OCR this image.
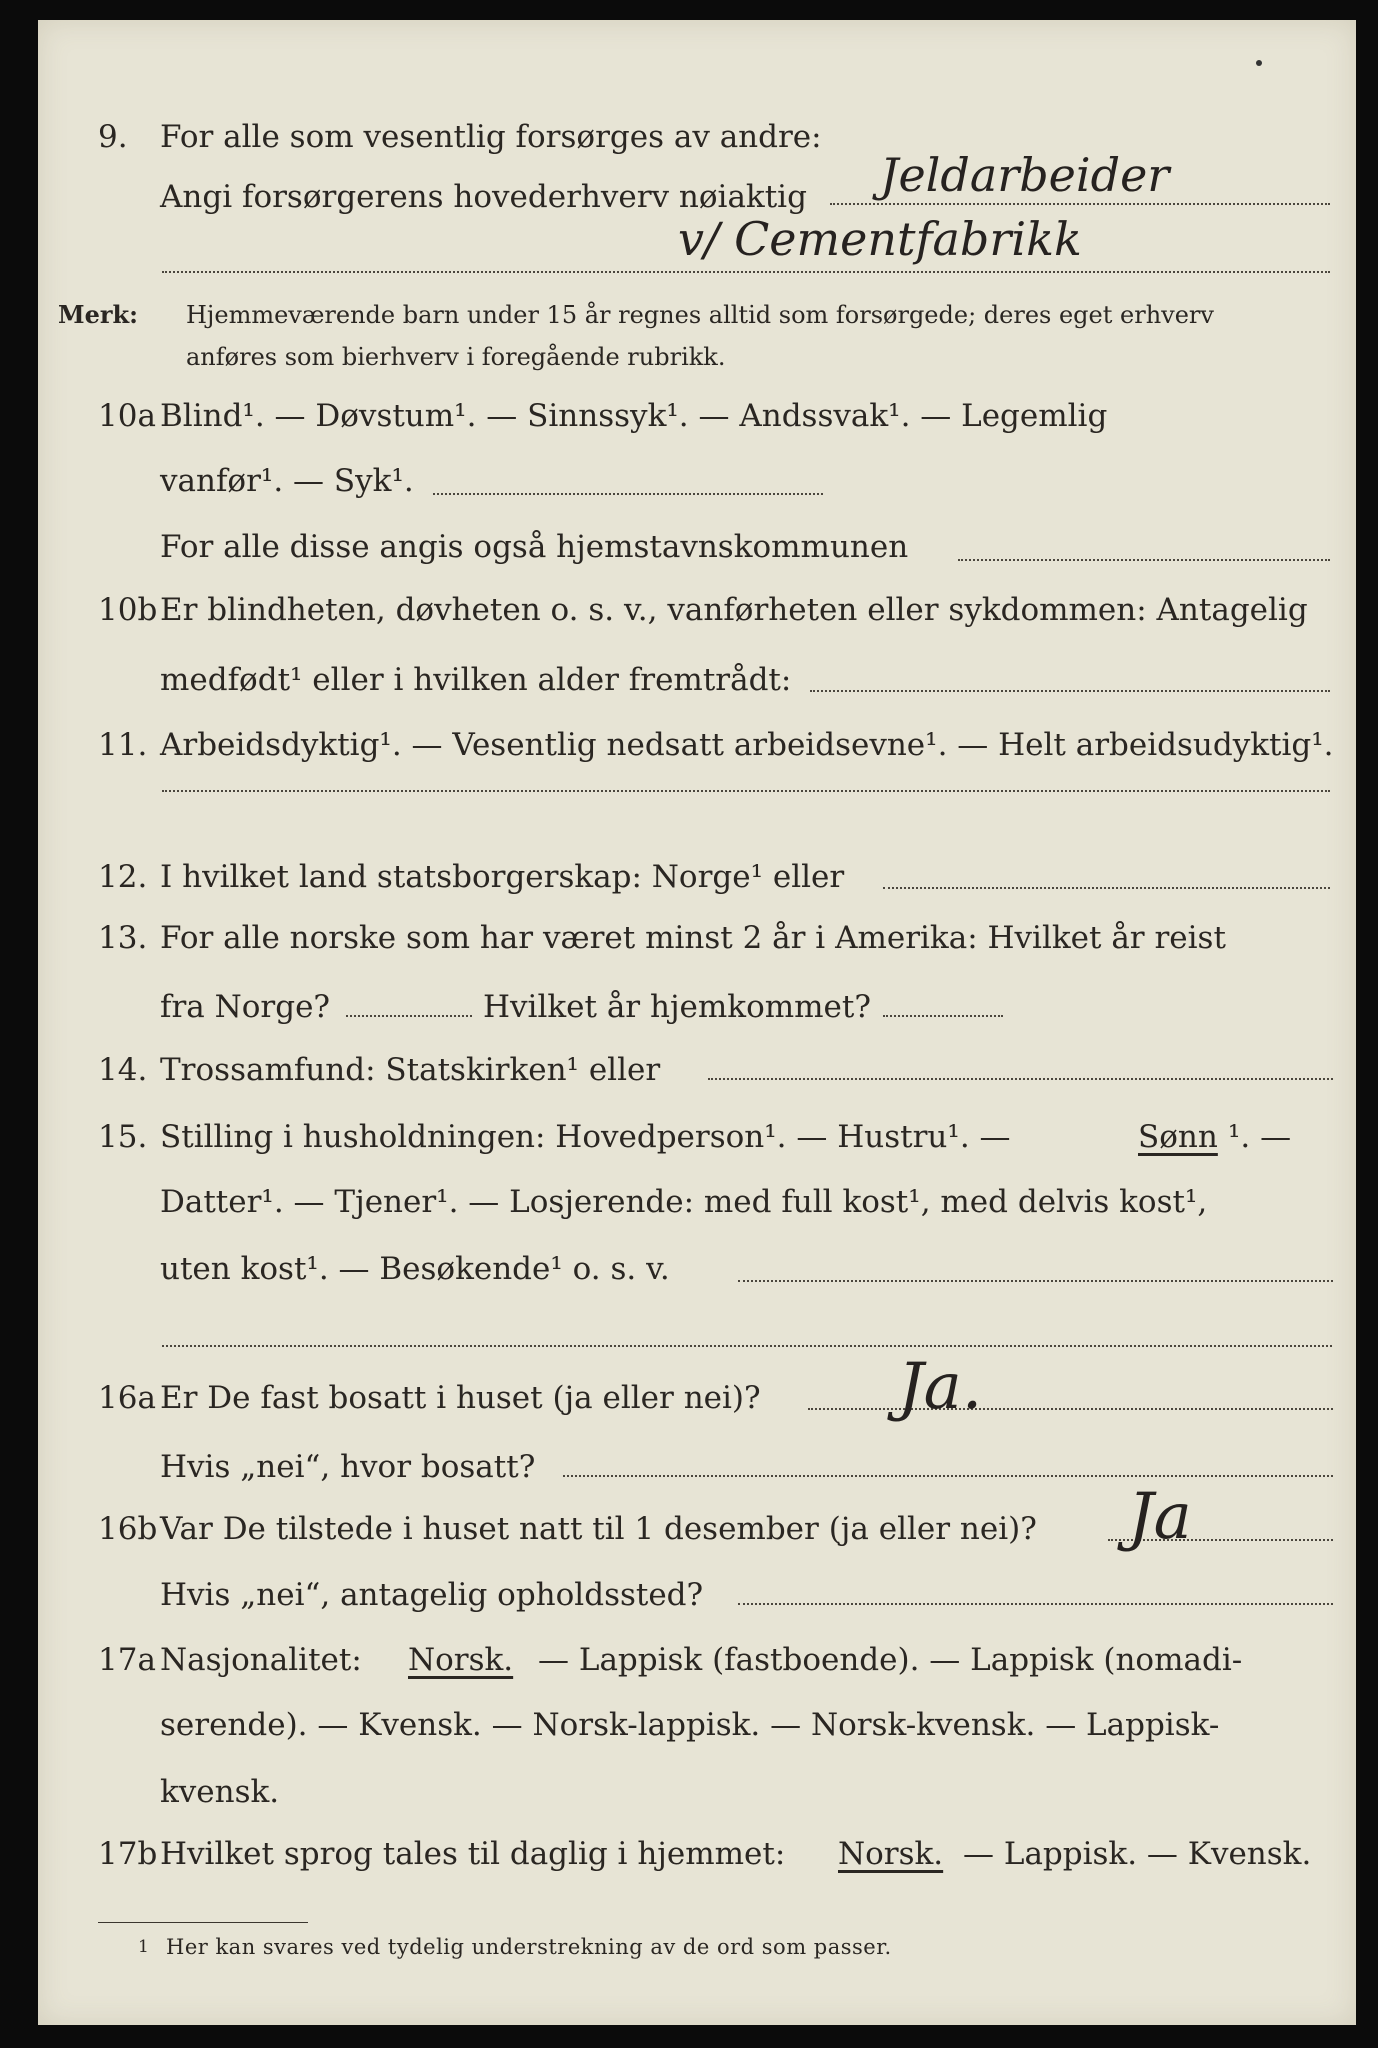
9. For alle som vesentlig forsørges av andre:
Angi forsørgerens hovederhverv nøiaktig Jeldarbeider
v/ Cementfabrikk
Merk: Hjemmeværende barn under 15 år regnes alltid som forsørgede; deres eget erhverv
anføres som bierhverv i foregående rubrikk.
10a Blind¹. — Døvstum¹. — Sinnssyk¹. — Andssvak¹. — Legemlig
vanfør¹. — Syk¹.
For alle disse angis også hjemstavnskommunen
10b Er blindheten, døvheten o. s. v., vanførheten eller sykdommen: Antagelig
medfødt¹ eller i hvilken alder fremtrådt:
11. Arbeidsdyktig¹. — Vesentlig nedsatt arbeidsevne¹. — Helt arbeidsudyktig¹.
12. I hvilket land statsborgerskap: Norge¹ eller
13. For alle norske som har været minst 2 år i Amerika: Hvilket år reist
fra Norge?	Hvilket år hjemkommet?
14. Trossamfund: Statskirken¹ eller
15. Stilling i husholdningen: Hovedperson¹. — Hustru¹. —	Sønn ¹. —
Datter¹. — Tjener¹. — Losjerende: med full kost¹, med delvis kost¹,
uten kost¹. — Besøkende¹ o. s. v.
16a Er De fast bosatt i huset (ja eller nei)? Ja.
Hvis „nei“, hvor bosatt?
16b Var De tilstede i huset natt til 1 desember (ja eller nei)? Ja
Hvis „nei“, antagelig opholdssted?
17a Nasjonalitet: Norsk. — Lappisk (fastboende). — Lappisk (nomadi-
serende). — Kvensk. — Norsk-lappisk. — Norsk-kvensk. — Lappisk-
kvensk.
17b Hvilket sprog tales til daglig i hjemmet: Norsk. — Lappisk. — Kvensk.
1 Her kan svares ved tydelig understrekning av de ord som passer.
